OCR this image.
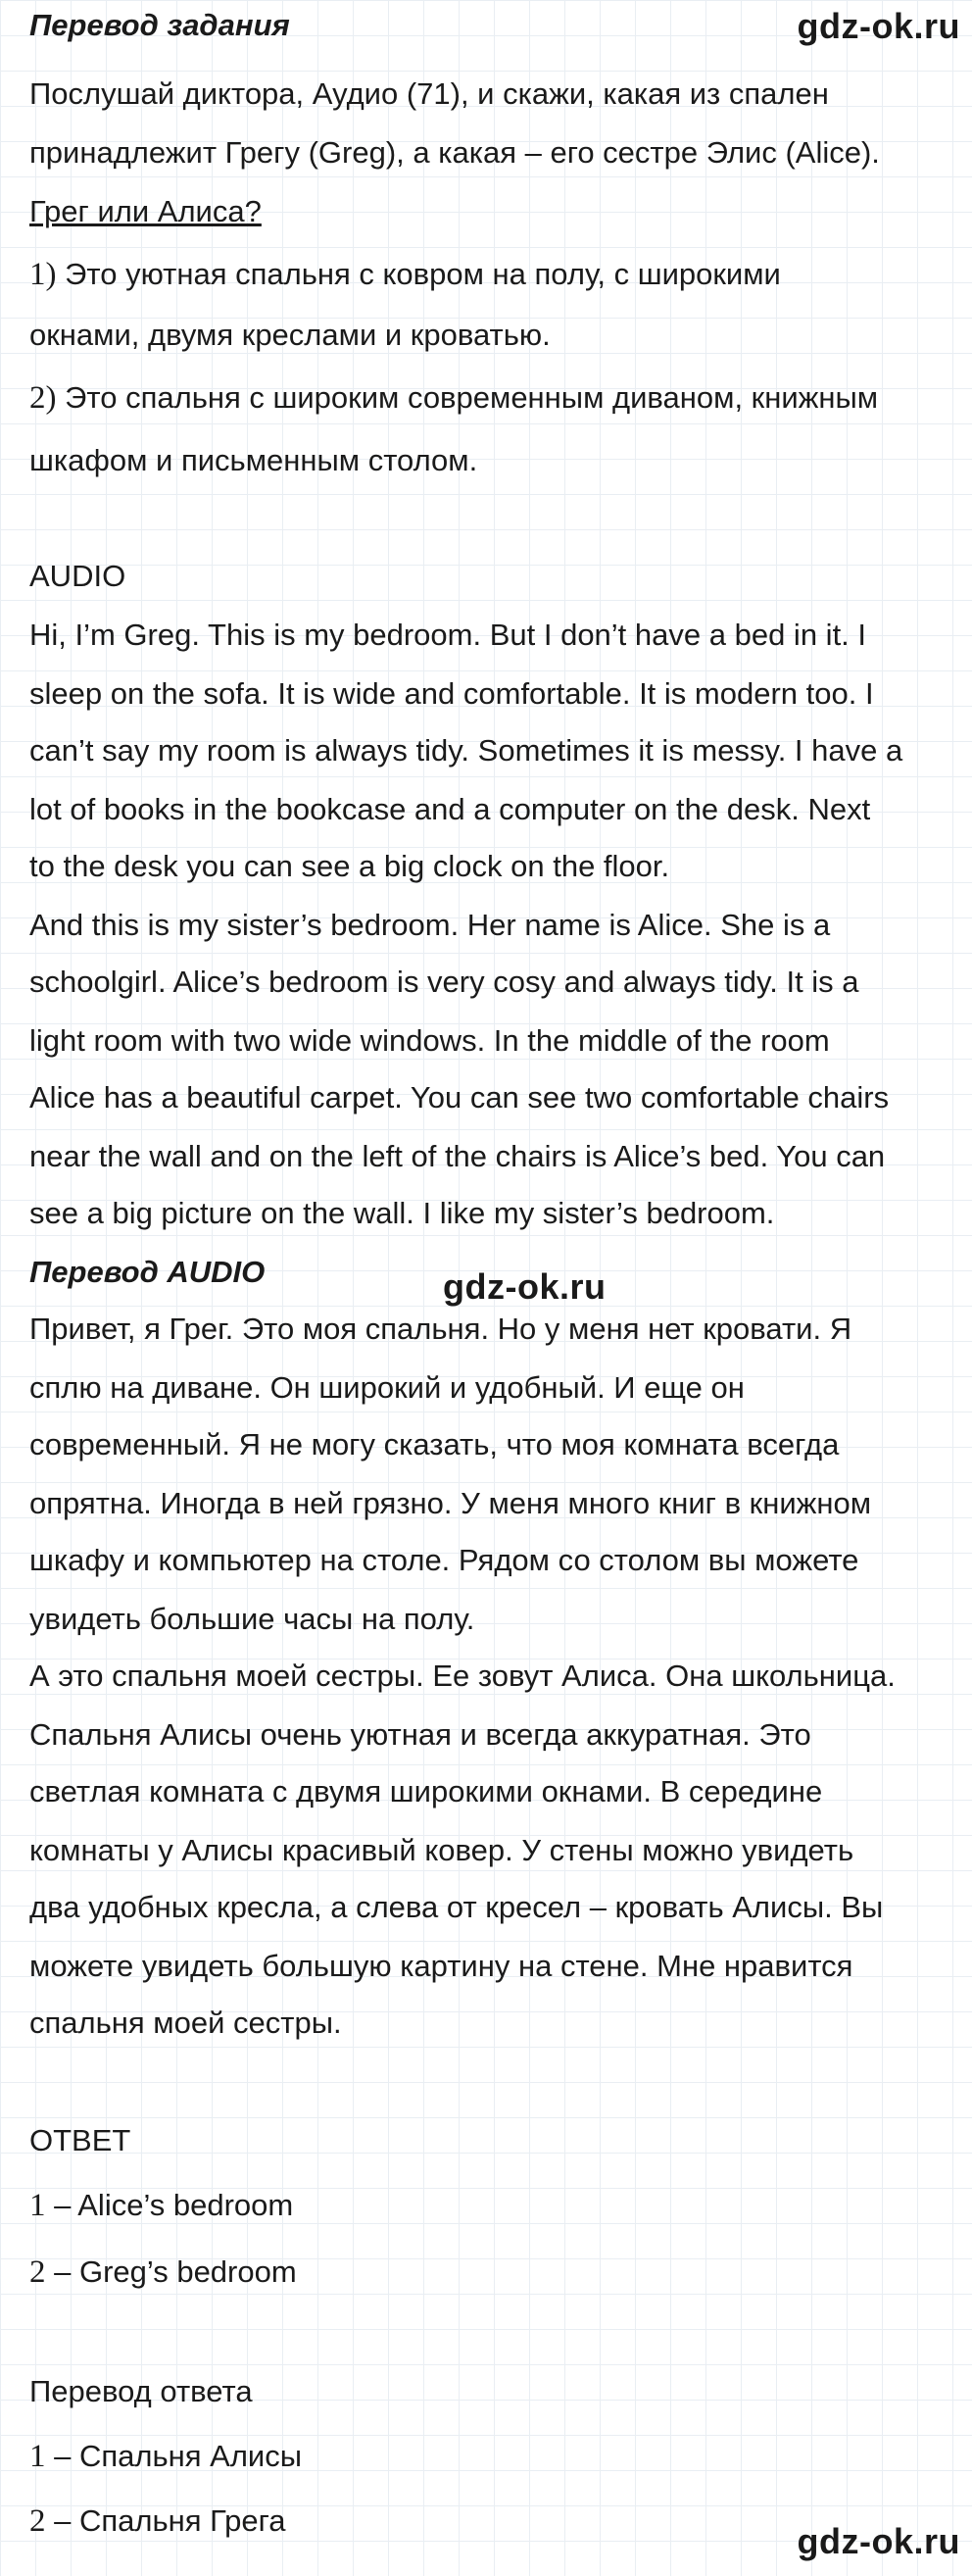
gdz-ok.ru
Перевод задания
Послушай диктора, Аудио (71), и скажи, какая из спален
принадлежит Грегу (Greg), а какая – его сестре Элис (Alice).
Грег или Алиса?
1) Это уютная спальня с ковром на полу, с широкими
окнами, двумя креслами и кроватью.
2) Это спальня с широким современным диваном, книжным
шкафом и письменным столом.
AUDIO
Hi, I’m Greg. This is my bedroom. But I don’t have a bed in it. I
sleep on the sofa. It is wide and comfortable. It is modern too. I
can’t say my room is always tidy. Sometimes it is messy. I have a
lot of books in the bookcase and a computer on the desk. Next
to the desk you can see a big clock on the floor.
And this is my sister’s bedroom. Her name is Alice. She is a
schoolgirl. Alice’s bedroom is very cosy and always tidy. It is a
light room with two wide windows. In the middle of the room
Alice has a beautiful carpet. You can see two comfortable chairs
near the wall and on the left of the chairs is Alice’s bed. You can
see a big picture on the wall. I like my sister’s bedroom.
Перевод AUDIO	gdz-ok.ru
Привет, я Грег. Это моя спальня. Но у меня нет кровати. Я
сплю на диване. Он широкий и удобный. И еще он
современный. Я не могу сказать, что моя комната всегда
опрятна. Иногда в ней грязно. У меня много книг в книжном
шкафу и компьютер на столе. Рядом со столом вы можете
увидеть большие часы на полу.
А это спальня моей сестры. Ее зовут Алиса. Она школьница.
Спальня Алисы очень уютная и всегда аккуратная. Это
светлая комната с двумя широкими окнами. В середине
комнаты у Алисы красивый ковер. У стены можно увидеть
два удобных кресла, а слева от кресел – кровать Алисы. Вы
можете увидеть большую картину на стене. Мне нравится
спальня моей сестры.
ОТВЕТ
1 – Alice’s bedroom
2 – Greg’s bedroom
Перевод ответа
1 – Спальня Алисы
2 – Спальня Грега
gdz-ok.ru
